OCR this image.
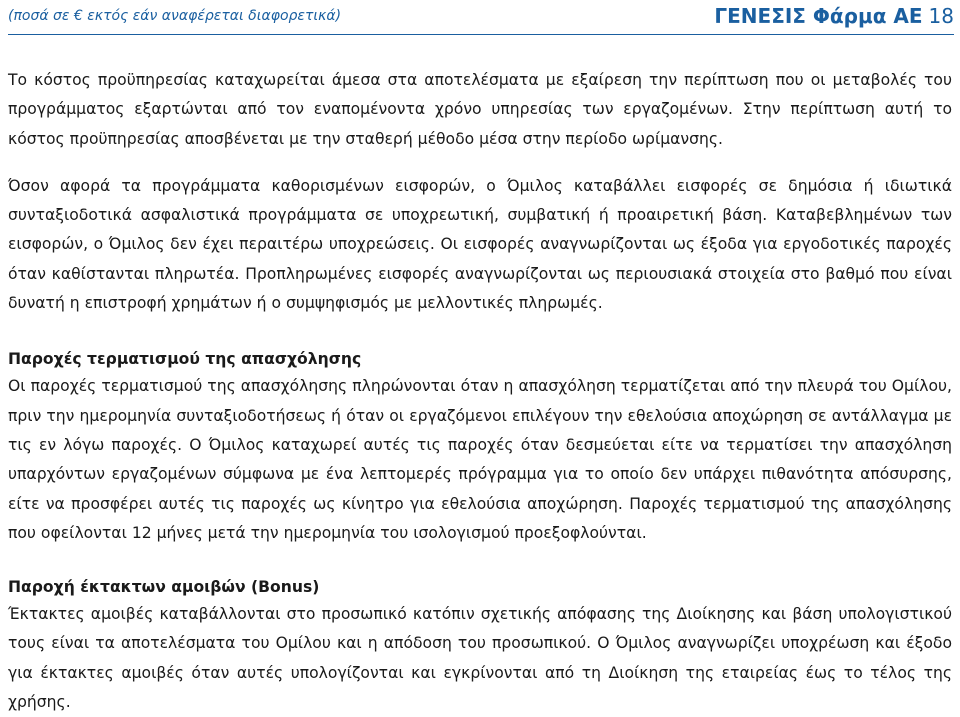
(ποσά σε € εκτός εάν αναφέρεται διαφορετικά)	ΓΕΝΕΣΙΣ Φάρμα ΑΕ 18

Το κόστος προϋπηρεσίας καταχωρείται άμεσα στα αποτελέσματα με εξαίρεση την περίπτωση που οι μεταβολές του προγράμματος εξαρτώνται από τον εναπομένοντα χρόνο υπηρεσίας των εργαζομένων. Στην περίπτωση αυτή το κόστος προϋπηρεσίας αποσβένεται με την σταθερή μέθοδο μέσα στην περίοδο ωρίμανσης.

Όσον αφορά τα προγράμματα καθορισμένων εισφορών, ο Όμιλος καταβάλλει εισφορές σε δημόσια ή ιδιωτικά συνταξιοδοτικά ασφαλιστικά προγράμματα σε υποχρεωτική, συμβατική ή προαιρετική βάση. Καταβεβλημένων των εισφορών, ο Όμιλος δεν έχει περαιτέρω υποχρεώσεις. Οι εισφορές αναγνωρίζονται ως έξοδα για εργοδοτικές παροχές όταν καθίστανται πληρωτέα. Προπληρωμένες εισφορές αναγνωρίζονται ως περιουσιακά στοιχεία στο βαθμό που είναι δυνατή η επιστροφή χρημάτων ή ο συμψηφισμός με μελλοντικές πληρωμές.

Παροχές τερματισμού της απασχόλησης

Οι παροχές τερματισμού της απασχόλησης πληρώνονται όταν η απασχόληση τερματίζεται από την πλευρά του Ομίλου, πριν την ημερομηνία συνταξιοδοτήσεως ή όταν οι εργαζόμενοι επιλέγουν την εθελούσια αποχώρηση σε αντάλλαγμα με τις εν λόγω παροχές. Ο Όμιλος καταχωρεί αυτές τις παροχές όταν δεσμεύεται είτε να τερματίσει την απασχόληση υπαρχόντων εργαζομένων σύμφωνα με ένα λεπτομερές πρόγραμμα για το οποίο δεν υπάρχει πιθανότητα απόσυρσης, είτε να προσφέρει αυτές τις παροχές ως κίνητρο για εθελούσια αποχώρηση. Παροχές τερματισμού της απασχόλησης που οφείλονται 12 μήνες μετά την ημερομηνία του ισολογισμού προεξοφλούνται.

Παροχή έκτακτων αμοιβών (Bonus)

Έκτακτες αμοιβές καταβάλλονται στο προσωπικό κατόπιν σχετικής απόφασης της Διοίκησης και βάση υπολογιστικού τους είναι τα αποτελέσματα του Ομίλου και η απόδοση του προσωπικού. Ο Όμιλος αναγνωρίζει υποχρέωση και έξοδο για έκτακτες αμοιβές όταν αυτές υπολογίζονται και εγκρίνονται από τη Διοίκηση της εταιρείας έως το τέλος της χρήσης.
